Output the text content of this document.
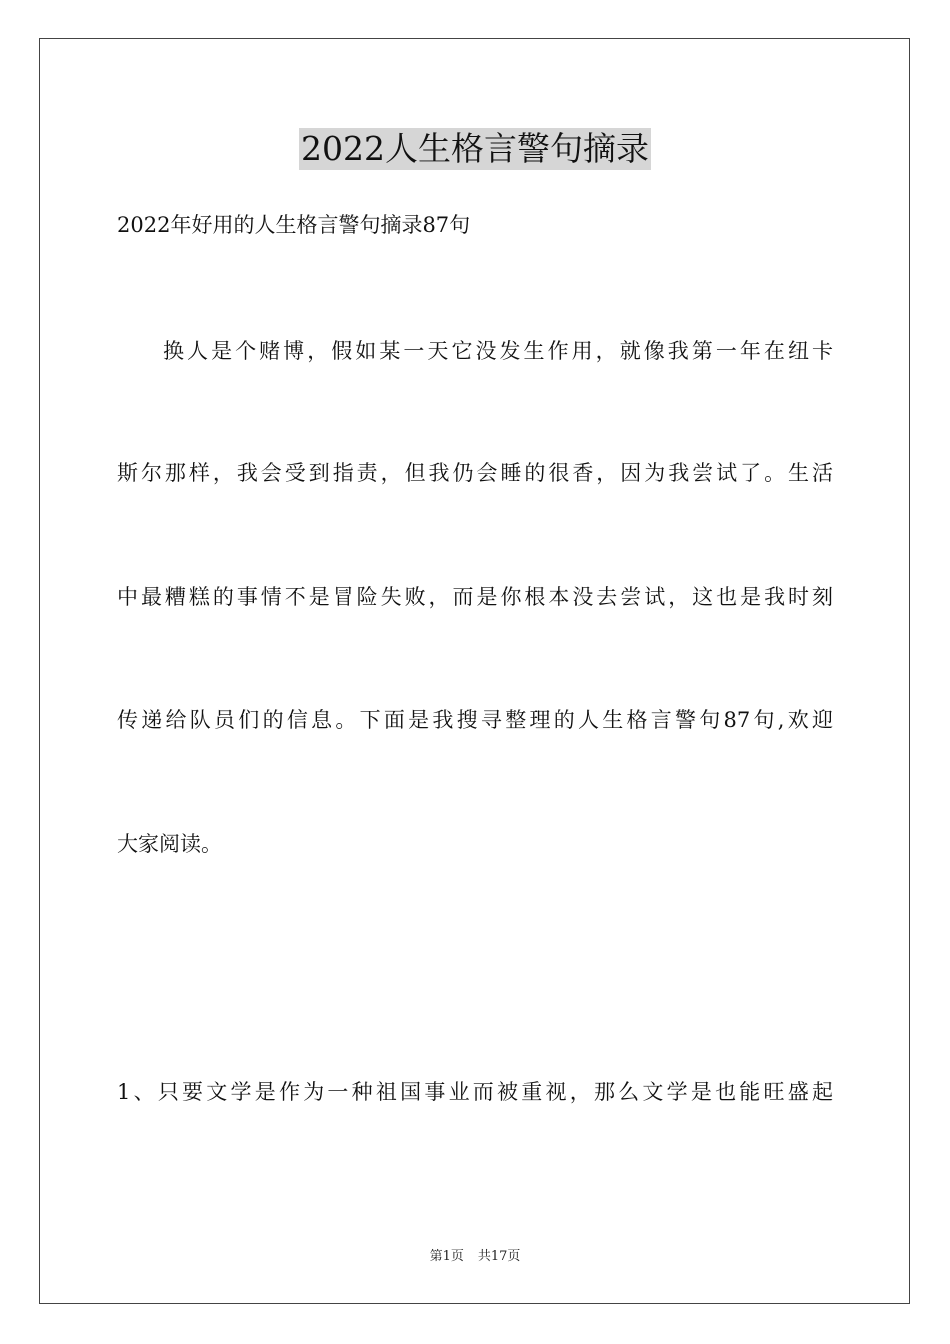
2022人生格言警句摘录
2022年好用的人生格言警句摘录87句
换人是个赌博，假如某一天它没发生作用，就像我第一年在纽卡
斯尔那样，我会受到指责，但我仍会睡的很香，因为我尝试了。生活
中最糟糕的事情不是冒险失败，而是你根本没去尝试，这也是我时刻
传递给队员们的信息。下面是我搜寻整理的人生格言警句87句,欢迎
大家阅读。
1、只要文学是作为一种祖国事业而被重视，那么文学是也能旺盛起
第1页 共17页
